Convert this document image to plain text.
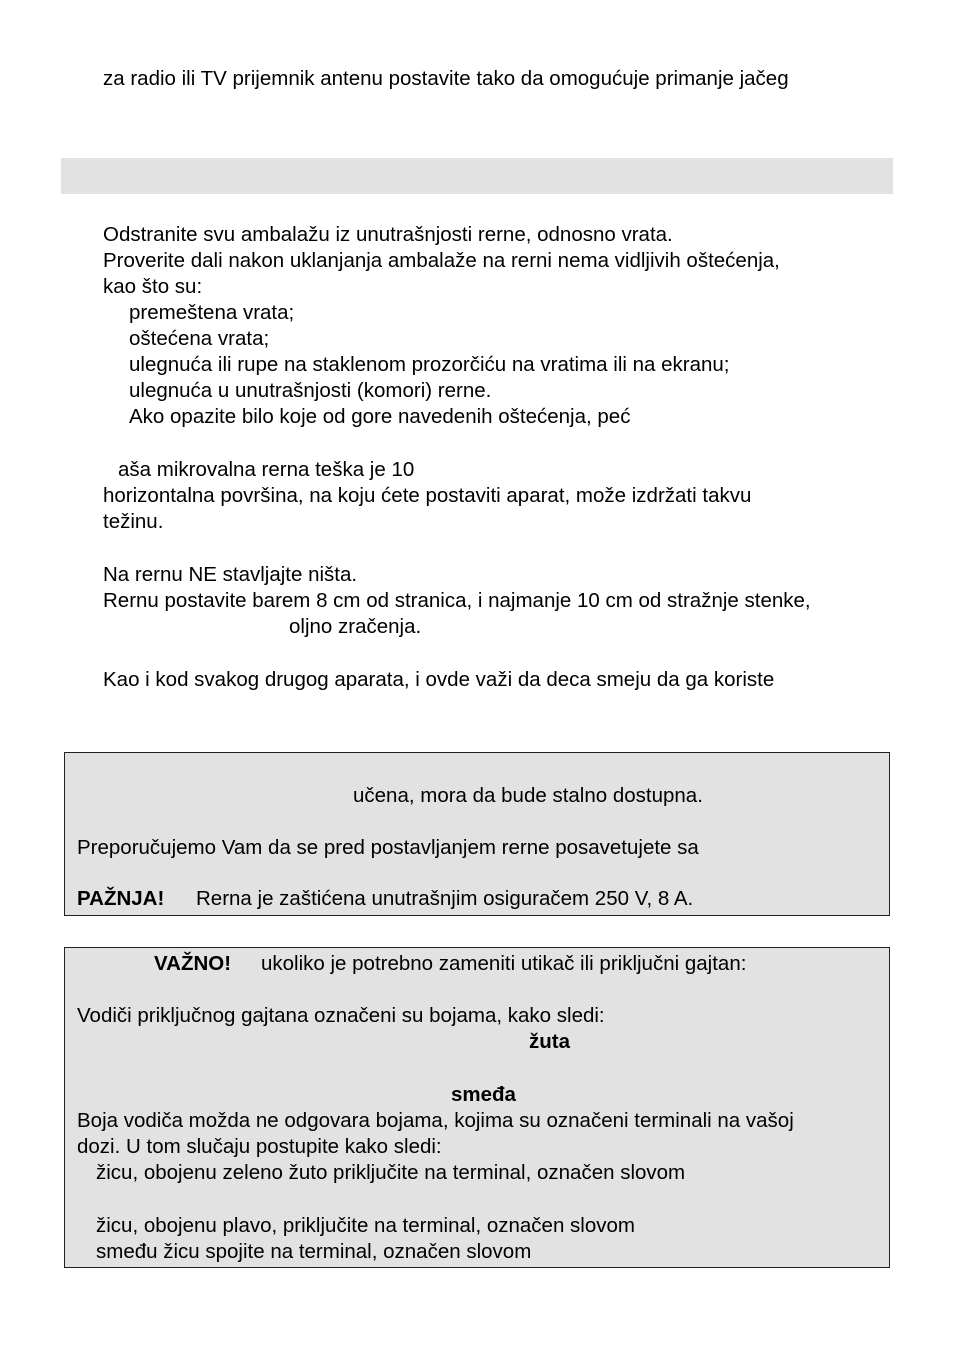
za radio ili TV prijemnik antenu postavite tako da omogućuje primanje jačeg
Odstranite svu ambalažu iz unutrašnjosti rerne, odnosno vrata.
Proverite dali nakon uklanjanja ambalaže na rerni nema vidljivih oštećenja,
kao što su:
premeštena vrata;
oštećena vrata;
ulegnuća ili rupe na staklenom prozorčiću na vratima ili na ekranu;
ulegnuća u unutrašnjosti (komori) rerne.
Ako opazite bilo koje od gore navedenih oštećenja, peć
aša mikrovalna rerna teška je 10
horizontalna površina, na koju ćete postaviti aparat, može izdržati takvu
težinu.
Na rernu NE stavljajte ništa.
Rernu postavite barem 8 cm od stranica, i najmanje 10 cm od stražnje stenke,
oljno zračenja.
Kao i kod svakog drugog aparata, i ovde važi da deca smeju da ga koriste
učena, mora da bude stalno dostupna.
Preporučujemo Vam da se pred postavljanjem rerne posavetujete sa
PAŽNJA! Rerna je zaštićena unutrašnjim osiguračem 250 V, 8 A.
VAŽNO! ukoliko je potrebno zameniti utikač ili priključni gajtan:
Vodiči priključnog gajtana označeni su bojama, kako sledi:
žuta
smeđa
Boja vodiča možda ne odgovara bojama, kojima su označeni terminali na vašoj
dozi. U tom slučaju postupite kako sledi:
žicu, obojenu zeleno žuto priključite na terminal, označen slovom
žicu, obojenu plavo, priključite na terminal, označen slovom
smeđu žicu spojite na terminal, označen slovom
